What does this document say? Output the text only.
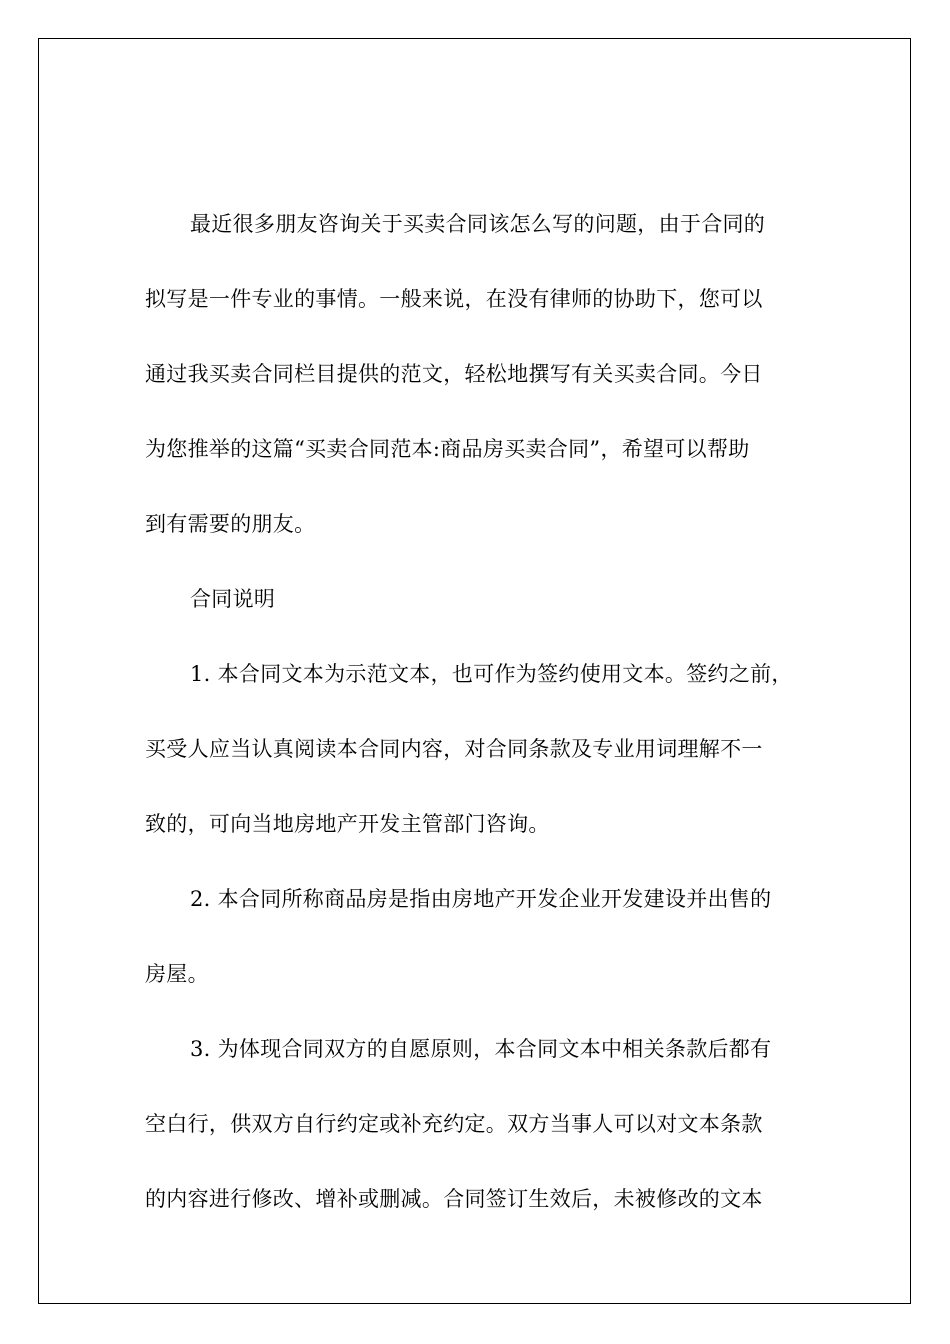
最近很多朋友咨询关于买卖合同该怎么写的问题，由于合同的
拟写是一件专业的事情。一般来说，在没有律师的协助下，您可以
通过我买卖合同栏目提供的范文，轻松地撰写有关买卖合同。今日
为您推举的这篇“买卖合同范本:商品房买卖合同”，希望可以帮助
到有需要的朋友。
合同说明
1. 本合同文本为示范文本，也可作为签约使用文本。签约之前，
买受人应当认真阅读本合同内容，对合同条款及专业用词理解不一
致的，可向当地房地产开发主管部门咨询。
2. 本合同所称商品房是指由房地产开发企业开发建设并出售的
房屋。
3. 为体现合同双方的自愿原则，本合同文本中相关条款后都有
空白行，供双方自行约定或补充约定。双方当事人可以对文本条款
的内容进行修改、增补或删减。合同签订生效后，未被修改的文本
